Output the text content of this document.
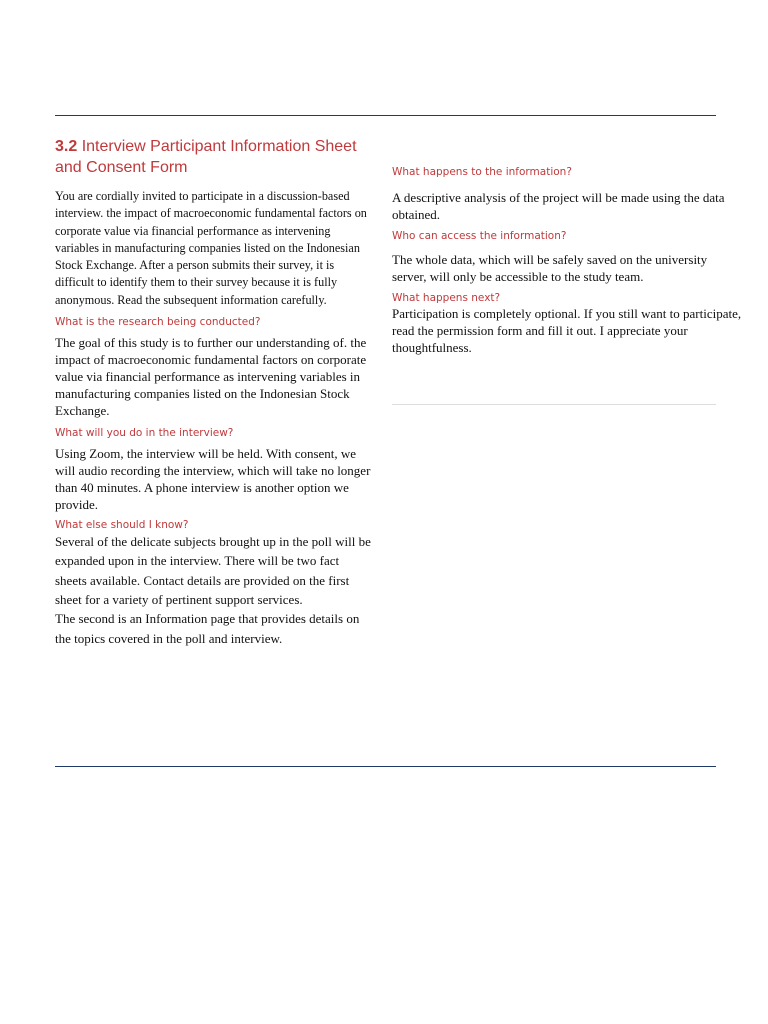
3.2 Interview Participant Information Sheet and Consent Form

You are cordially invited to participate in a discussion-based interview. the impact of macroeconomic fundamental factors on corporate value via financial performance as intervening variables in manufacturing companies listed on the Indonesian Stock Exchange. After a person submits their survey, it is difficult to identify them to their survey because it is fully anonymous. Read the subsequent information carefully.

What is the research being conducted?

The goal of this study is to further our understanding of. the impact of macroeconomic fundamental factors on corporate value via financial performance as intervening variables in manufacturing companies listed on the Indonesian Stock Exchange.

What will you do in the interview?

Using Zoom, the interview will be held. With consent, we will audio recording the interview, which will take no longer than 40 minutes. A phone interview is another option we provide.

What else should I know?

Several of the delicate subjects brought up in the poll will be expanded upon in the interview. There will be two fact sheets available. Contact details are provided on the first sheet for a variety of pertinent support services.

The second is an Information page that provides details on the topics covered in the poll and interview.

What happens to the information?

A descriptive analysis of the project will be made using the data obtained.

Who can access the information?

The whole data, which will be safely saved on the university server, will only be accessible to the study team.

What happens next?

Participation is completely optional. If you still want to participate, read the permission form and fill it out. I appreciate your thoughtfulness.
